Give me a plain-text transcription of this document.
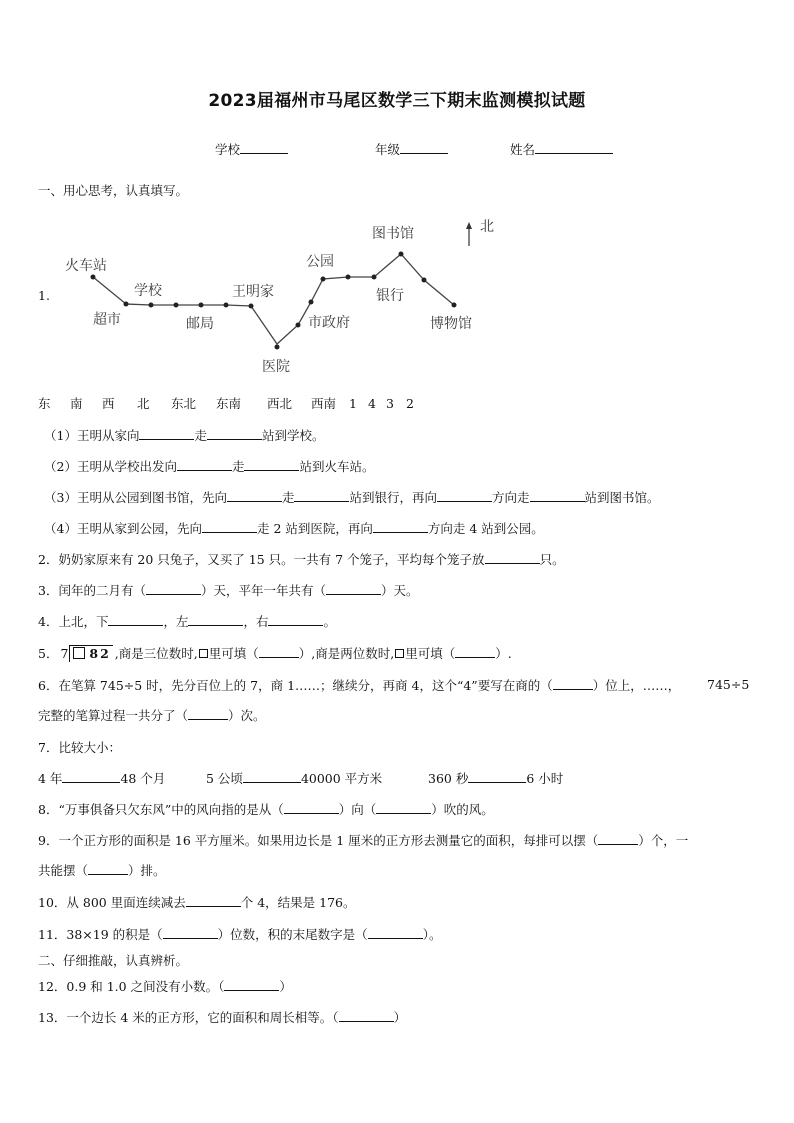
2023届福州市马尾区数学三下期末监测模拟试题
学校	年级	姓名
一、用心思考，认真填写。
1.
北
火车站
超市
学校
邮局
王明家
医院
市政府
公园
图书馆
银行
博物馆
东 南 西 北 东北 东南 西北 西南 1 4 3 2
（1）王明从家向	走	站到学校。
（2）王明从学校出发向	走	站到火车站。
（3）王明从公园到图书馆，先向	走	站到银行，再向	方向走	站到图书馆。
（4）王明从家到公园，先向	走 2 站到医院，再向	方向走 4 站到公园。
2．奶奶家原来有 20 只兔子，又买了 15 只。一共有 7 个笼子，平均每个笼子放	只。
3．闰年的二月有（	）天，平年一年共有（	）天。
4．上北，下	，左	，右	。
5． 7 82 ,商是三位数时, 里可填（	）,商是两位数时, 里可填（	）.
6．在笔算 745÷5 时，先分百位上的 7，商 1……；继续分，再商 4，这个“4”要写在商的（	）位上，……， 745÷5
完整的笔算过程一共分了（	）次。
7．比较大小：
4 年	48 个月	5 公顷	40000 平方米	360 秒	6 小时
8．“万事俱备只欠东风”中的风向指的是从（	）向（	）吹的风。
9．一个正方形的面积是 16 平方厘米。如果用边长是 1 厘米的正方形去测量它的面积，每排可以摆（	）个，一
共能摆（	）排。
10．从 800 里面连续减去	个 4，结果是 176。
11．38×19 的积是（	）位数，积的末尾数字是（	）。
二、仔细推敲，认真辨析。
12．0.9 和 1.0 之间没有小数。（	）
13．一个边长 4 米的正方形，它的面积和周长相等。（	）
